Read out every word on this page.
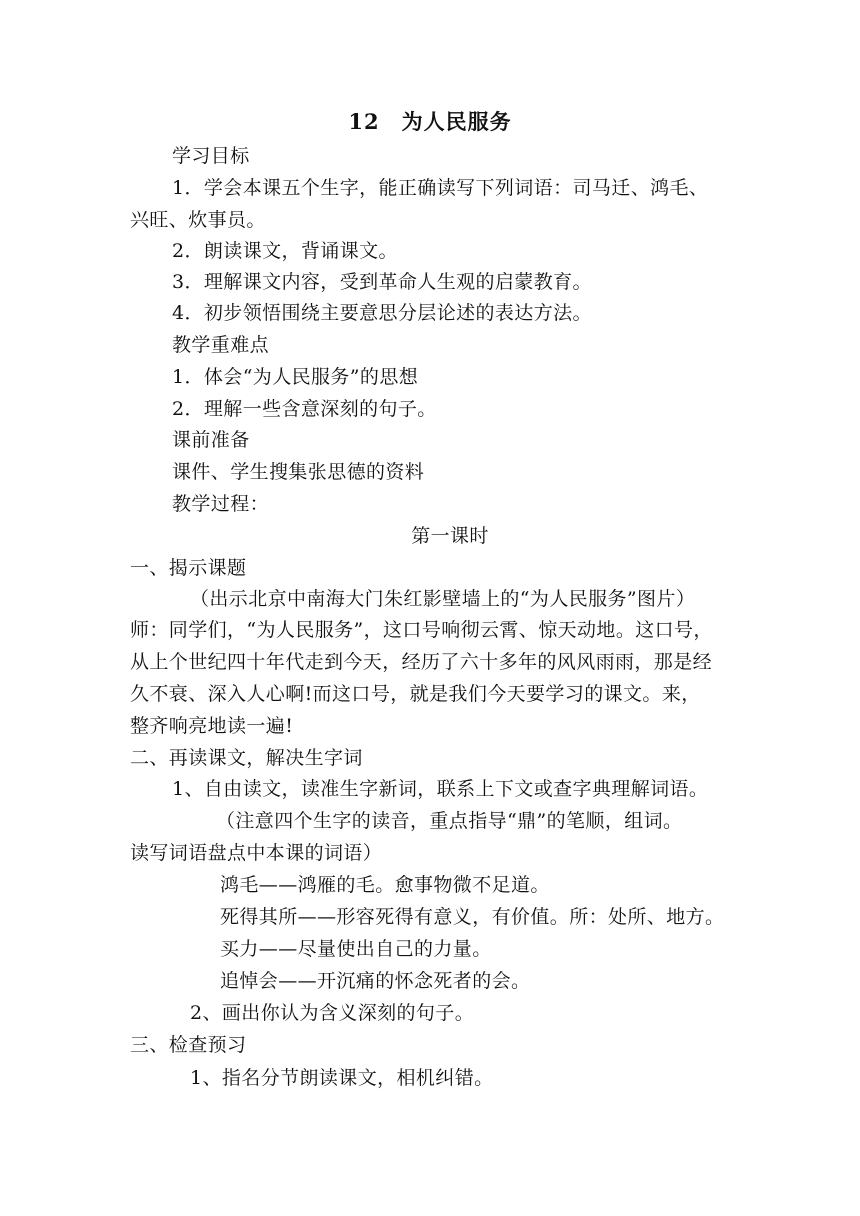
12　为人民服务
学习目标
1．学会本课五个生字，能正确读写下列词语：司马迁、鸿毛、
兴旺、炊事员。
2．朗读课文，背诵课文。
3．理解课文内容，受到革命人生观的启蒙教育。
4．初步领悟围绕主要意思分层论述的表达方法。
教学重难点
1．体会“为人民服务”的思想
2．理解一些含意深刻的句子。
课前准备
课件、学生搜集张思德的资料
教学过程：
第一课时
一、揭示课题
（出示北京中南海大门朱红影壁墙上的“为人民服务”图片）
师：同学们，“为人民服务”，这口号响彻云霄、惊天动地。这口号，
从上个世纪四十年代走到今天，经历了六十多年的风风雨雨，那是经
久不衰、深入人心啊!而这口号，就是我们今天要学习的课文。来，
整齐响亮地读一遍!
二、再读课文，解决生字词
1、自由读文，读准生字新词，联系上下文或查字典理解词语。
（注意四个生字的读音，重点指导“鼎”的笔顺，组词。
读写词语盘点中本课的词语）
鸿毛——鸿雁的毛。愈事物微不足道。
死得其所——形容死得有意义，有价值。所：处所、地方。
买力——尽量使出自己的力量。
追悼会——开沉痛的怀念死者的会。
2、画出你认为含义深刻的句子。
三、检查预习
1、指名分节朗读课文，相机纠错。
